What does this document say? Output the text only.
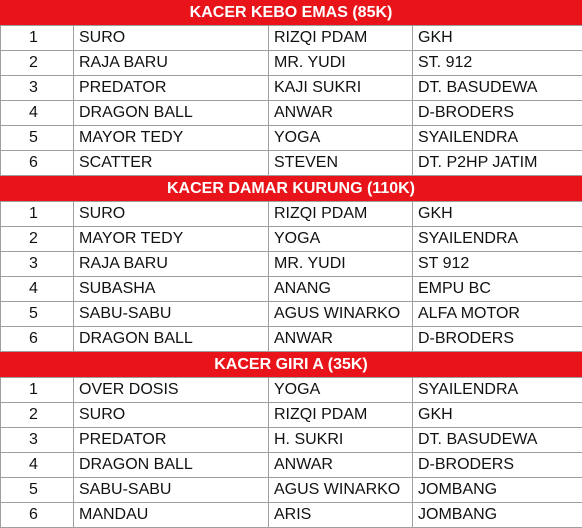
KACER KEBO EMAS (85K)
1	SURO	RIZQI PDAM	GKH
2	RAJA BARU	MR. YUDI	ST. 912
3	PREDATOR	KAJI SUKRI	DT. BASUDEWA
4	DRAGON BALL	ANWAR	D-BRODERS
5	MAYOR TEDY	YOGA	SYAILENDRA
6	SCATTER	STEVEN	DT. P2HP JATIM
KACER DAMAR KURUNG (110K)
1	SURO	RIZQI PDAM	GKH
2	MAYOR TEDY	YOGA	SYAILENDRA
3	RAJA BARU	MR. YUDI	ST 912
4	SUBASHA	ANANG	EMPU BC
5	SABU-SABU	AGUS WINARKO	ALFA MOTOR
6	DRAGON BALL	ANWAR	D-BRODERS
KACER GIRI A (35K)
1	OVER DOSIS	YOGA	SYAILENDRA
2	SURO	RIZQI PDAM	GKH
3	PREDATOR	H. SUKRI	DT. BASUDEWA
4	DRAGON BALL	ANWAR	D-BRODERS
5	SABU-SABU	AGUS WINARKO	JOMBANG
6	MANDAU	ARIS	JOMBANG
